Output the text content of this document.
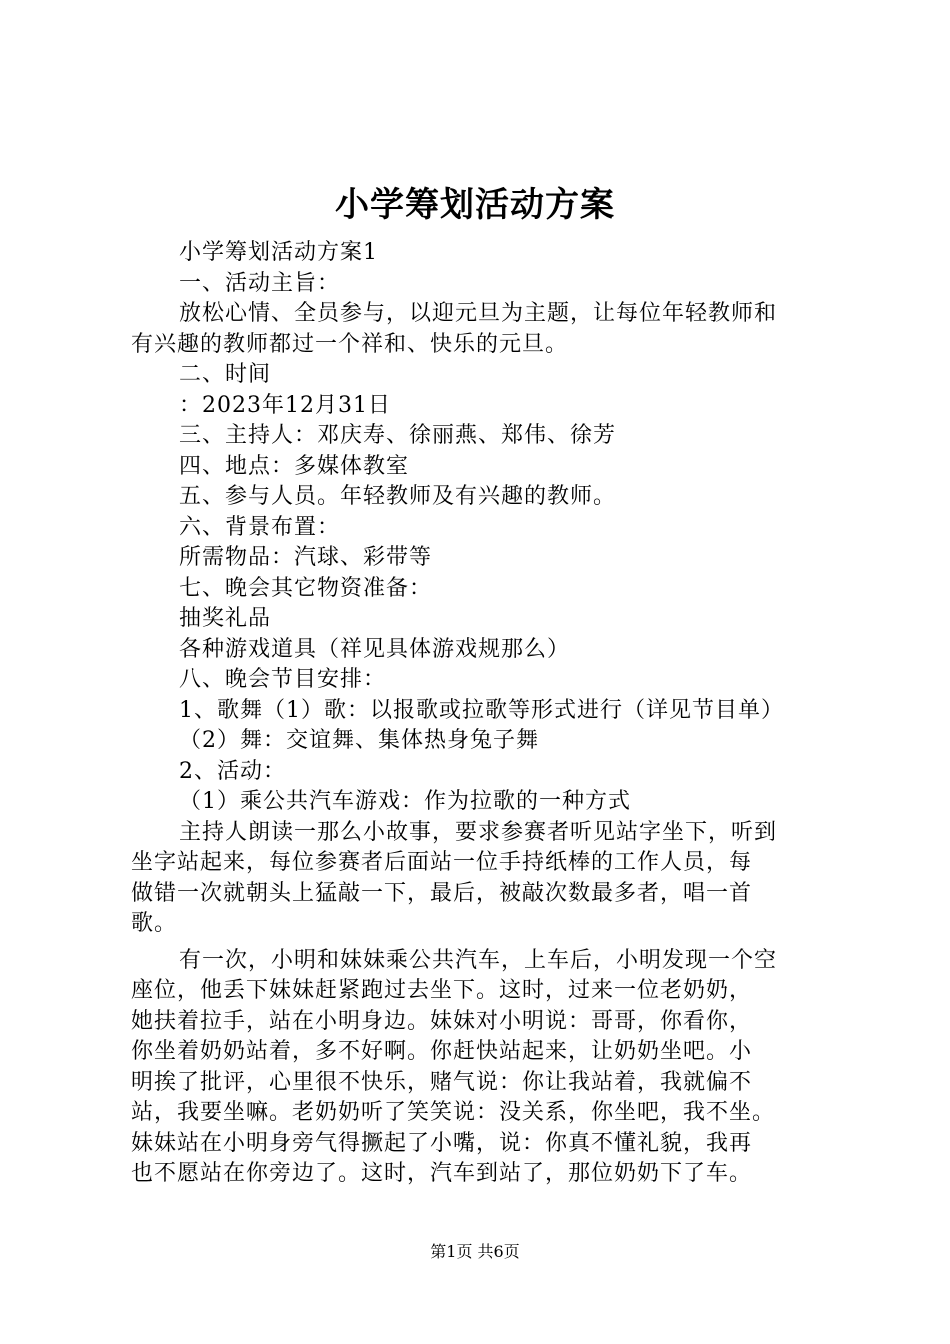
小学筹划活动方案
小学筹划活动方案1
一、活动主旨：
放松心情、全员参与，以迎元旦为主题，让每位年轻教师和
有兴趣的教师都过一个祥和、快乐的元旦。
二、时间
：2023年12月31日
三、主持人：邓庆寿、徐丽燕、郑伟、徐芳
四、地点：多媒体教室
五、参与人员。年轻教师及有兴趣的教师。
六、背景布置：
所需物品：汽球、彩带等
七、晚会其它物资准备：
抽奖礼品
各种游戏道具（祥见具体游戏规那么）
八、晚会节目安排：
1、歌舞（1）歌：以报歌或拉歌等形式进行（详见节目单）
（2）舞：交谊舞、集体热身兔子舞
2、活动：
（1）乘公共汽车游戏：作为拉歌的一种方式
主持人朗读一那么小故事，要求参赛者听见站字坐下，听到
坐字站起来，每位参赛者后面站一位手持纸棒的工作人员，每
做错一次就朝头上猛敲一下，最后，被敲次数最多者，唱一首
歌。
有一次，小明和妹妹乘公共汽车，上车后，小明发现一个空
座位，他丢下妹妹赶紧跑过去坐下。这时，过来一位老奶奶，
她扶着拉手，站在小明身边。妹妹对小明说：哥哥，你看你，
你坐着奶奶站着，多不好啊。你赶快站起来，让奶奶坐吧。小
明挨了批评，心里很不快乐，赌气说：你让我站着，我就偏不
站，我要坐嘛。老奶奶听了笑笑说：没关系，你坐吧，我不坐。
妹妹站在小明身旁气得撅起了小嘴，说：你真不懂礼貌，我再
也不愿站在你旁边了。这时，汽车到站了，那位奶奶下了车。
第1页 共6页
